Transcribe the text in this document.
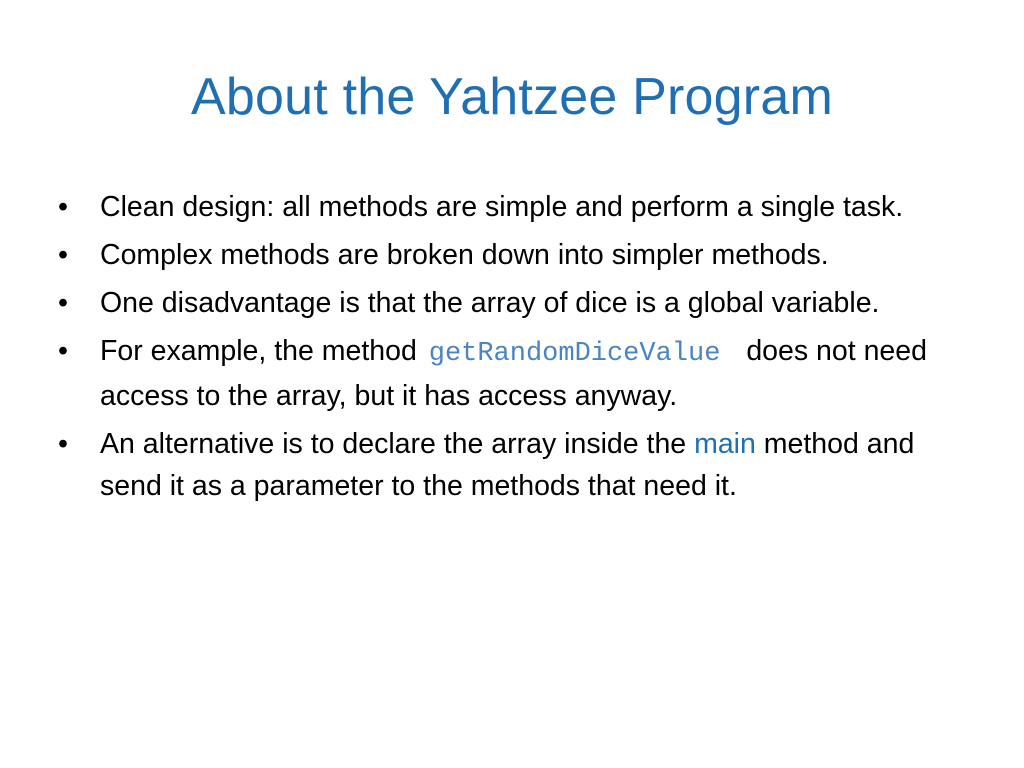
About the Yahtzee Program
•	Clean design: all methods are simple and perform a single task.
•	Complex methods are broken down into simpler methods.
•	One disadvantage is that the array of dice is a global variable.
•	For example, the method getRandomDiceValue does not need access to the array, but it has access anyway.
•	An alternative is to declare the array inside the main method and send it as a parameter to the methods that need it.
